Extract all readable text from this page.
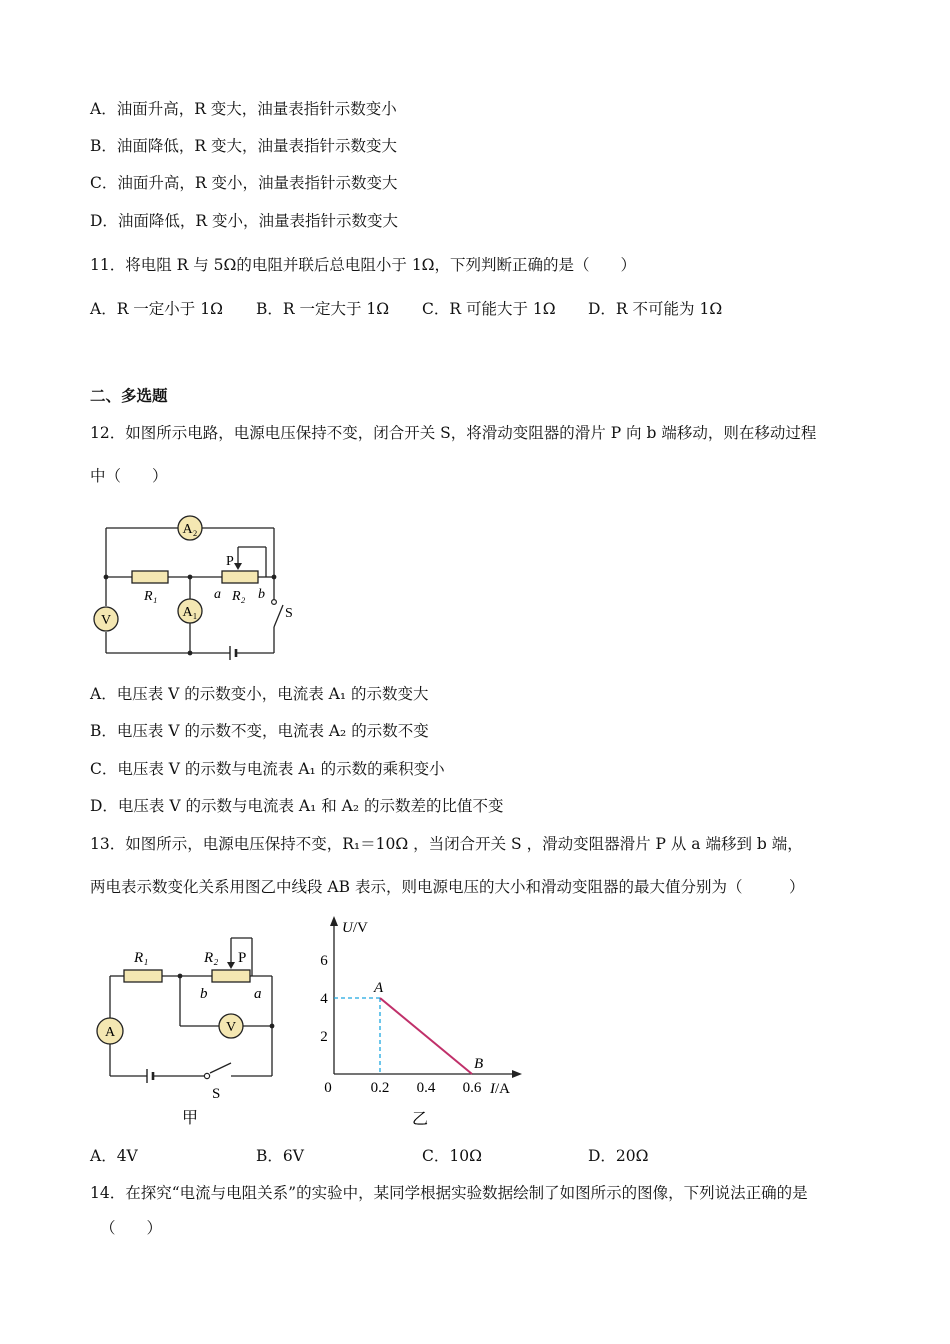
A．油面升高，R 变大，油量表指针示数变小
B．油面降低，R 变大，油量表指针示数变大
C．油面升高，R 变小，油量表指针示数变大
D．油面降低，R 变小，油量表指针示数变大
11．将电阻 R 与 5Ω的电阻并联后总电阻小于 1Ω，下列判断正确的是（　　）
A．R 一定小于 1Ω B．R 一定大于 1Ω C．R 可能大于 1Ω D．R 不可能为 1Ω
二、多选题
12．如图所示电路，电源电压保持不变，闭合开关 S，将滑动变阻器的滑片 P 向 b 端移动，则在移动过程
中（　　）
A₂
A₁
V
P
R₁	a R₂ b
S
A．电压表 V 的示数变小，电流表 A₁ 的示数变大
B．电压表 V 的示数不变，电流表 A₂ 的示数不变
C．电压表 V 的示数与电流表 A₁ 的示数的乘积变小
D．电压表 V 的示数与电流表 A₁ 和 A₂ 的示数差的比值不变
13．如图所示，电源电压保持不变，R₁＝10Ω ，当闭合开关 S ，滑动变阻器滑片 P 从 a 端移到 b 端，
两电表示数变化关系用图乙中线段 AB 表示，则电源电压的大小和滑动变阻器的最大值分别为（　　　）
A	V
R₁	R₂ P
b	a
S
甲
U/V
I/A
0	0.2 0.4 0.6
2
4
6
A
B
乙
A．4V	B．6V	C．10Ω	D．20Ω
14．在探究“电流与电阻关系”的实验中，某同学根据实验数据绘制了如图所示的图像，下列说法正确的是
（　　）
